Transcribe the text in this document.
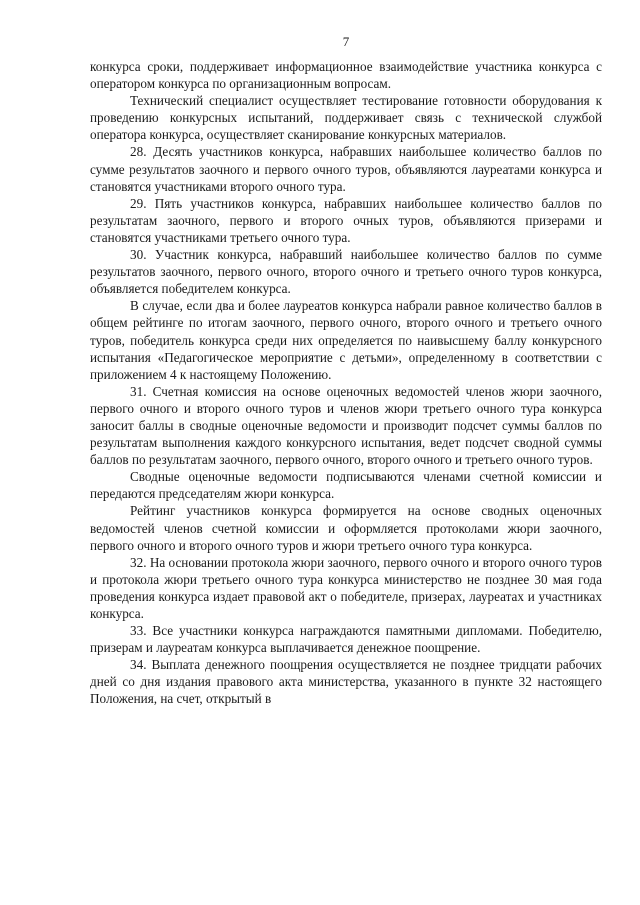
7

конкурса сроки, поддерживает информационное взаимодействие участника конкурса с оператором конкурса по организационным вопросам.

Технический специалист осуществляет тестирование готовности оборудования к проведению конкурсных испытаний, поддерживает связь с технической службой оператора конкурса, осуществляет сканирование конкурсных материалов.

28. Десять участников конкурса, набравших наибольшее количество баллов по сумме результатов заочного и первого очного туров, объявляются лауреатами конкурса и становятся участниками второго очного тура.

29. Пять участников конкурса, набравших наибольшее количество баллов по результатам заочного, первого и второго очных туров, объявляются призерами и становятся участниками третьего очного тура.

30. Участник конкурса, набравший наибольшее количество баллов по сумме результатов заочного, первого очного, второго очного и третьего очного туров конкурса, объявляется победителем конкурса.

В случае, если два и более лауреатов конкурса набрали равное количество баллов в общем рейтинге по итогам заочного, первого очного, второго очного и третьего очного туров, победитель конкурса среди них определяется по наивысшему баллу конкурсного испытания «Педагогическое мероприятие с детьми», определенному в соответствии с приложением 4 к настоящему Положению.

31. Счетная комиссия на основе оценочных ведомостей членов жюри заочного, первого очного и второго очного туров и членов жюри третьего очного тура конкурса заносит баллы в сводные оценочные ведомости и производит подсчет суммы баллов по результатам выполнения каждого конкурсного испытания, ведет подсчет сводной суммы баллов по результатам заочного, первого очного, второго очного и третьего очного туров.

Сводные оценочные ведомости подписываются членами счетной комиссии и передаются председателям жюри конкурса.

Рейтинг участников конкурса формируется на основе сводных оценочных ведомостей членов счетной комиссии и оформляется протоколами жюри заочного, первого очного и второго очного туров и жюри третьего очного тура конкурса.

32. На основании протокола жюри заочного, первого очного и второго очного туров и протокола жюри третьего очного тура конкурса министерство не позднее 30 мая года проведения конкурса издает правовой акт о победителе, призерах, лауреатах и участниках конкурса.

33. Все участники конкурса награждаются памятными дипломами. Победителю, призерам и лауреатам конкурса выплачивается денежное поощрение.

34. Выплата денежного поощрения осуществляется не позднее тридцати рабочих дней со дня издания правового акта министерства, указанного в пункте 32 настоящего Положения, на счет, открытый в
